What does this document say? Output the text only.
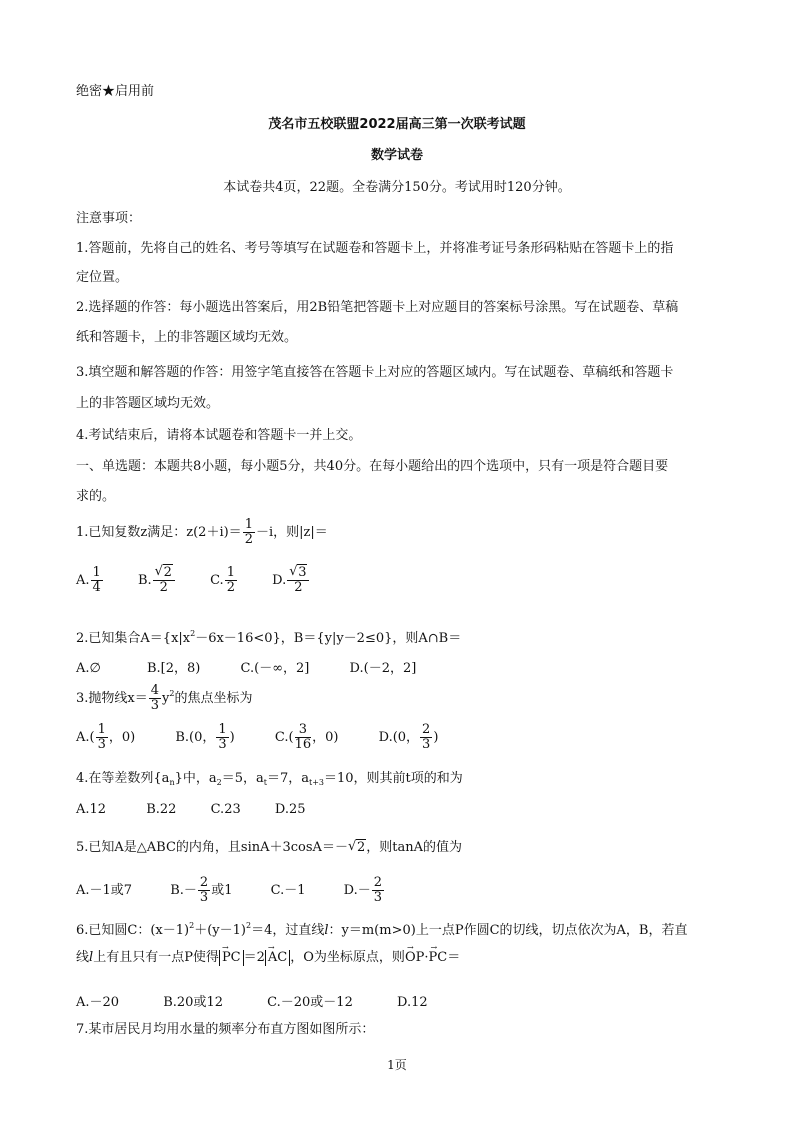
绝密★启用前
茂名市五校联盟2022届高三第一次联考试题
数学试卷
本试卷共4页，22题。全卷满分150分。考试用时120分钟。
注意事项：
1.答题前，先将自己的姓名、考号等填写在试题卷和答题卡上，并将准考证号条形码粘贴在答题卡上的指
定位置。
2.选择题的作答：每小题选出答案后，用2B铅笔把答题卡上对应题目的答案标号涂黑。写在试题卷、草稿
纸和答题卡，上的非答题区域均无效。
3.填空题和解答题的作答：用签字笔直接答在答题卡上对应的答题区域内。写在试题卷、草稿纸和答题卡
上的非答题区域均无效。
4.考试结束后，请将本试题卷和答题卡一并上交。
一、单选题：本题共8小题，每小题5分，共40分。在每小题给出的四个选项中，只有一项是符合题目要
求的。
1.已知复数z满足：$z(2+i)= \frac{1}{2} -i$，则|z|＝
A. $\frac{1}{4}$	B. √ $\frac{2}{2}$	C. $\frac{1}{2}$	D. √ $\frac{3}{2}$
2.已知集合$A=\{x|x^2-6x-16<0\}$，B＝{y|y－2≤0}，则A∩B＝
A.∅	B.[2，8)	C.(－∞，2]	D.(－2，2]
3.抛物线$x= \frac{4}{3} y^2$的焦点坐标为
$A.( \frac{1}{3}$ ，0)	B.(0， $\frac{1}{3}$ )	$C.( \frac{3}{16}$ ，0)	D.(0， $\frac{2}{3}$ )
4.在等差数列$\{a_n\}$中，$a_2=5$，$a_t=7$，$a_{t+3}=10$，则其前t项的和为
A.12	B.22	C.23	D.25
5.已知A是△ABC的内角，且sinA＋3cosA＝－ √ 2，则tanA的值为
A.－1或7	$B.- \frac{2}{3}$ 或1	C.－1	$D.- \frac{2}{3}$
6.已知圆C：$(x-1)^2+(y-1)^2=4$，过直线l：y＝m(m>0)上一点P作圆C的切线，切点依次为A，B，若直
线l上有且只有一点P使得 → PC ＝2 → AC ，O为坐标原点，则→ OP·→ PC＝
A.－20	B.20或12	C.－20或－12	D.12
7.某市居民月均用水量的频率分布直方图如图所示：
1页
